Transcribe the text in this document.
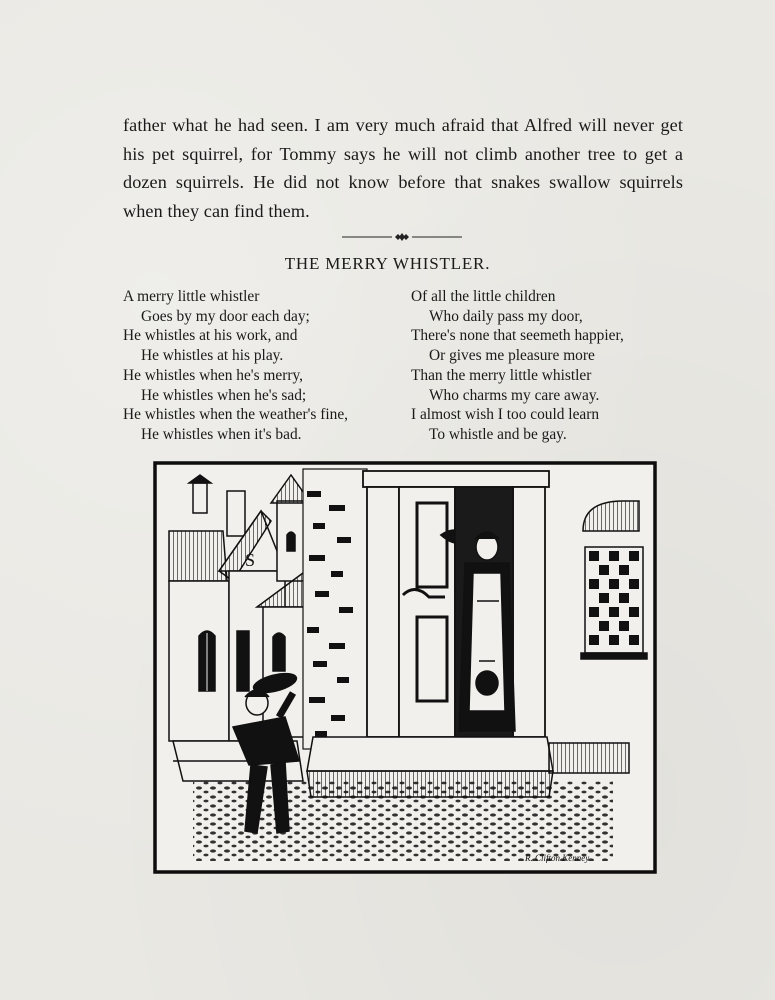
father what he had seen. I am very much afraid that Alfred will never get his pet squirrel, for Tommy says he will not climb another tree to get a dozen squirrels. He did not know before that snakes swallow squirrels when they can find them.

THE MERRY WHISTLER.
A merry little whistler
Goes by my door each day;
He whistles at his work, and
He whistles at his play.
He whistles when he's merry,
He whistles when he's sad;
He whistles when the weather's fine,
He whistles when it's bad.
Of all the little children
Who daily pass my door,
There's none that seemeth happier,
Or gives me pleasure more
Than the merry little whistler
Who charms my care away.
I almost wish I too could learn
To whistle and be gay.
S
R. Clifton Kenney
